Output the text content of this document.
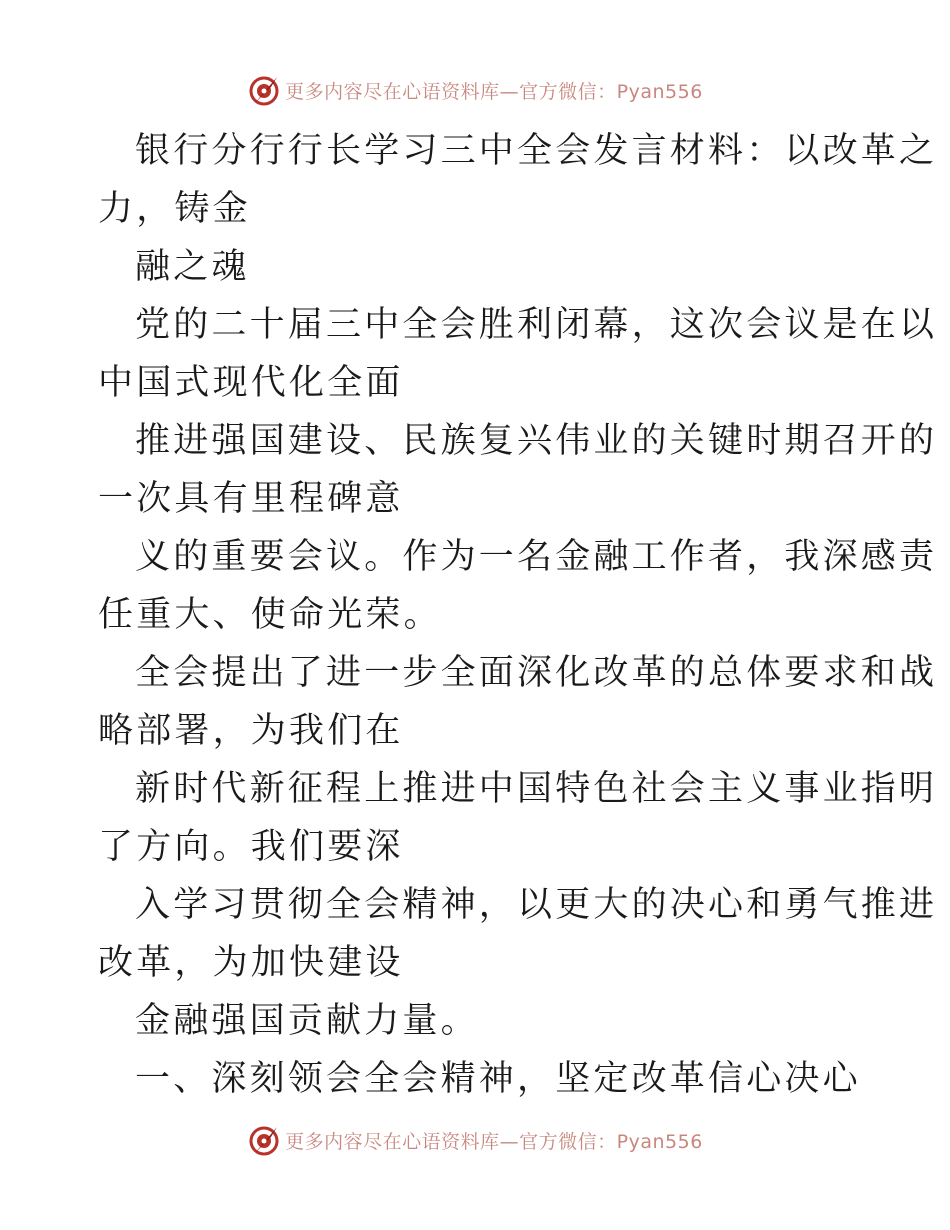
更多内容尽在心语资料库—官方微信：Pyan556
银行分行行长学习三中全会发言材料：以改革之
力，铸金
融之魂
党的二十届三中全会胜利闭幕，这次会议是在以
中国式现代化全面
推进强国建设、民族复兴伟业的关键时期召开的
一次具有里程碑意
义的重要会议。作为一名金融工作者，我深感责
任重大、使命光荣。
全会提出了进一步全面深化改革的总体要求和战
略部署，为我们在
新时代新征程上推进中国特色社会主义事业指明
了方向。我们要深
入学习贯彻全会精神，以更大的决心和勇气推进
改革，为加快建设
金融强国贡献力量。
一、深刻领会全会精神，坚定改革信心决心
更多内容尽在心语资料库—官方微信：Pyan556
